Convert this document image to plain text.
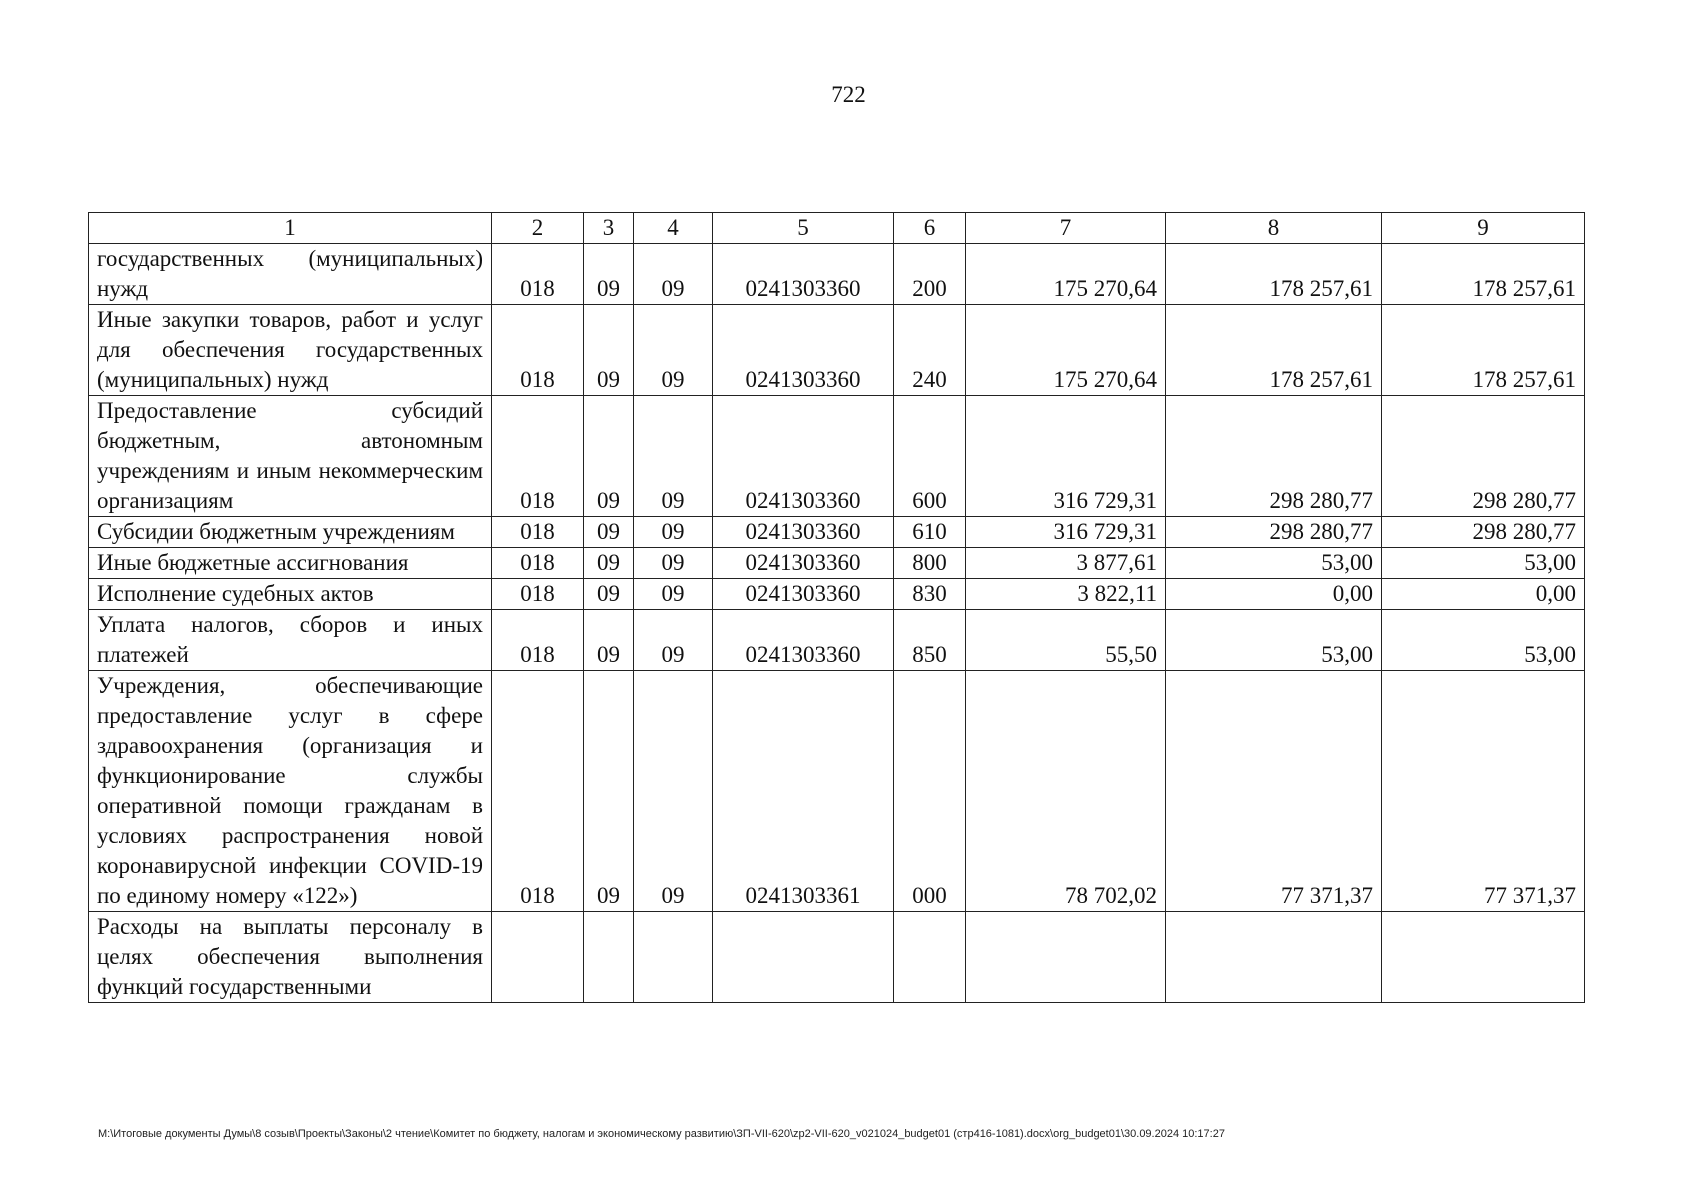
722
1	2	3	4	5	6	7	8	9
государственных (муниципальных) нужд	018	09	09	0241303360	200	175 270,64	178 257,61	178 257,61
Иные закупки товаров, работ и услуг для обеспечения государственных (муниципальных) нужд	018	09	09	0241303360	240	175 270,64	178 257,61	178 257,61
Предоставление субсидий бюджетным, автономным учреждениям и иным некоммерческим организациям	018	09	09	0241303360	600	316 729,31	298 280,77	298 280,77
Субсидии бюджетным учреждениям	018	09	09	0241303360	610	316 729,31	298 280,77	298 280,77
Иные бюджетные ассигнования	018	09	09	0241303360	800	3 877,61	53,00	53,00
Исполнение судебных актов	018	09	09	0241303360	830	3 822,11	0,00	0,00
Уплата налогов, сборов и иных платежей	018	09	09	0241303360	850	55,50	53,00	53,00
Учреждения, обеспечивающие предоставление услуг в сфере здравоохранения (организация и функционирование службы оперативной помощи гражданам в условиях распространения новой коронавирусной инфекции COVID-19 по единому номеру «122»)	018	09	09	0241303361	000	78 702,02	77 371,37	77 371,37
Расходы на выплаты персоналу в целях обеспечения выполнения функций государственными								
M:\Итоговые документы Думы\8 созыв\Проекты\Законы\2 чтение\Комитет по бюджету, налогам и экономическому развитию\ЗП-VII-620\zp2-VII-620_v021024_budget01 (стр416-1081).docx\org_budget01\30.09.2024 10:17:27
